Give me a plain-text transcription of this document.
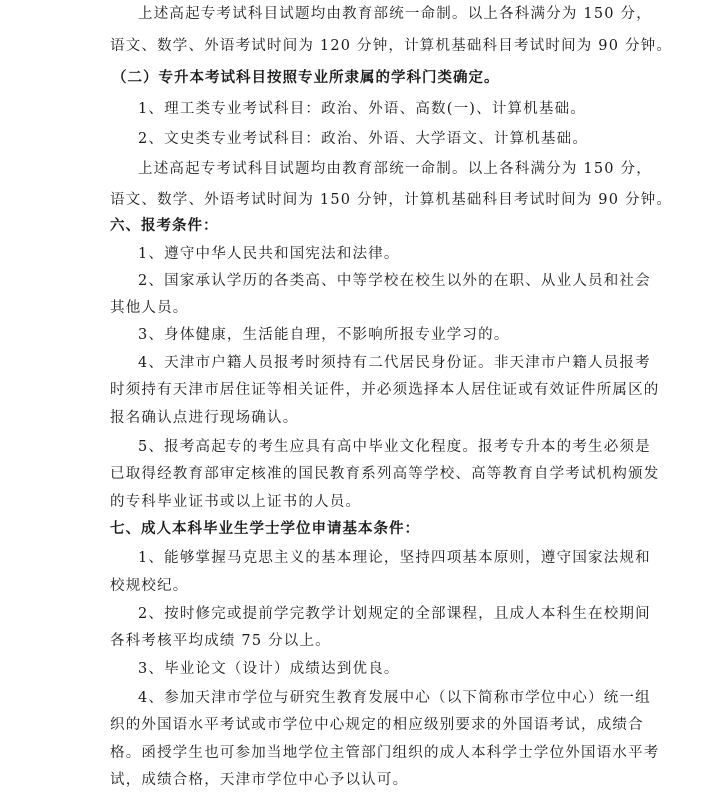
上述高起专考试科目试题均由教育部统一命制。以上各科满分为 150 分，
语文、数学、外语考试时间为 120 分钟，计算机基础科目考试时间为 90 分钟。
（二）专升本考试科目按照专业所隶属的学科门类确定。
1、理工类专业考试科目：政治、外语、高数(一)、计算机基础。
2、文史类专业考试科目：政治、外语、大学语文、计算机基础。
上述高起专考试科目试题均由教育部统一命制。以上各科满分为 150 分，
语文、数学、外语考试时间为 150 分钟，计算机基础科目考试时间为 90 分钟。
六、报考条件：
1、遵守中华人民共和国宪法和法律。
2、国家承认学历的各类高、中等学校在校生以外的在职、从业人员和社会
其他人员。
3、身体健康，生活能自理，不影响所报专业学习的。
4、天津市户籍人员报考时须持有二代居民身份证。非天津市户籍人员报考
时须持有天津市居住证等相关证件，并必须选择本人居住证或有效证件所属区的
报名确认点进行现场确认。
5、报考高起专的考生应具有高中毕业文化程度。报考专升本的考生必须是
已取得经教育部审定核准的国民教育系列高等学校、高等教育自学考试机构颁发
的专科毕业证书或以上证书的人员。
七、成人本科毕业生学士学位申请基本条件：
1、能够掌握马克思主义的基本理论，坚持四项基本原则，遵守国家法规和
校规校纪。
2、按时修完或提前学完教学计划规定的全部课程，且成人本科生在校期间
各科考核平均成绩 75 分以上。
3、毕业论文（设计）成绩达到优良。
4、参加天津市学位与研究生教育发展中心（以下简称市学位中心）统一组
织的外国语水平考试或市学位中心规定的相应级别要求的外国语考试，成绩合
格。函授学生也可参加当地学位主管部门组织的成人本科学士学位外国语水平考
试，成绩合格，天津市学位中心予以认可。
